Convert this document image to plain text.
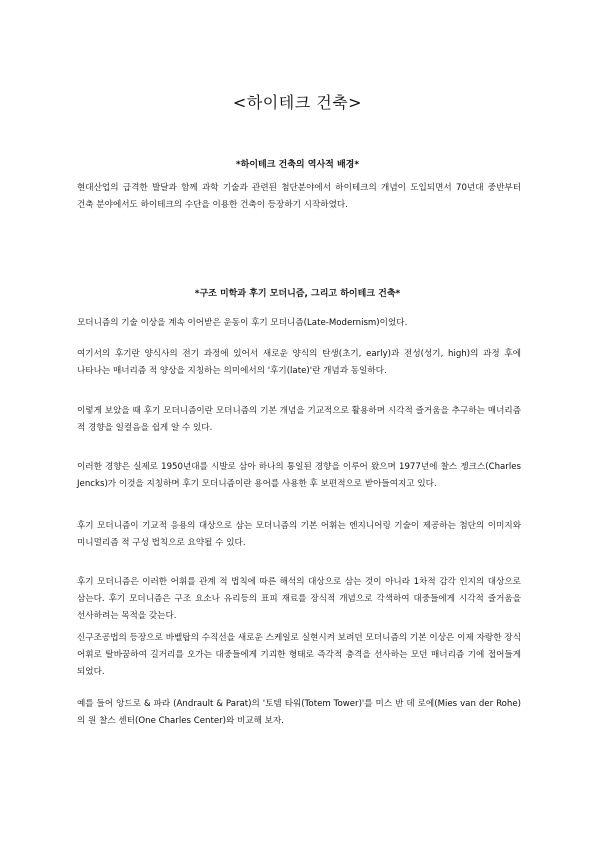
<하이테크 건축>
*하이테크 건축의 역사적 배경*
현대산업의 급격한 발달과 함께 과학 기술과 관련된 첨단분야에서 하이테크의 개념이 도입되면서 70년대 중반부터 건축 분야에서도 하이테크의 수단을 이용한 건축이 등장하기 시작하였다.
*구조 미학과 후기 모더니즘, 그리고 하이테크 건축*
모더니즘의 기술 이상을 계속 이어받은 운동이 후기 모더니즘(Late-Modernism)이었다.
여기서의 후기란 양식사의 전기 과정에 있어서 새로운 양식의 탄생(초기, early)과 전성(성기, high)의 과정 후에 나타나는 매너리즘 적 양상을 지칭하는 의미에서의 '후기(late)'란 개념과 동일하다.
이렇게 보았을 때 후기 모더니즘이란 모더니즘의 기본 개념을 기교적으로 활용하며 시각적 즐거움을 추구하는 매너리즘 적 경향을 일컬음을 쉽게 알 수 있다.
이러한 경향은 실제로 1950년대를 시발로 삼아 하나의 통일된 경향을 이루어 왔으며 1977년에 찰스 젱크스(Charles Jencks)가 이것을 지칭하며 후기 모더니즘이란 용어를 사용한 후 보편적으로 받아들여지고 있다.
후기 모더니즘이 기교적 응용의 대상으로 삼는 모더니즘의 기본 어휘는 엔지니어링 기술이 제공하는 첨단의 이미지와 미니멀리즘 적 구성 법칙으로 요약될 수 있다.
후기 모더니즘은 이러한 어휘를 관계 적 법칙에 따른 해석의 대상으로 삼는 것이 아니라 1차적 감각 인지의 대상으로 삼는다. 후기 모더니즘은 구조 요소나 유리등의 표피 재료를 장식적 개념으로 각색하여 대중들에게 시각적 즐거움을 선사하려는 목적을 갖는다.
신구조공법의 등장으로 바벨탑의 수직선을 새로운 스케일로 실현시켜 보려던 모더니즘의 기본 이상은 이제 자랑한 장식 어휘로 탈바꿈하여 길거리를 오가는 대중들에게 기괴한 형태로 즉각적 충격을 선사하는 모던 매너리즘 기에 접어들게 되었다.
예를 들어 앙드로 & 파라 (Andrault & Parat)의 '토템 타워(Totem Tower)'를 미스 반 데 로에(Mies van der Rohe)의 원 찰스 센터(One Charles Center)와 비교해 보자.
